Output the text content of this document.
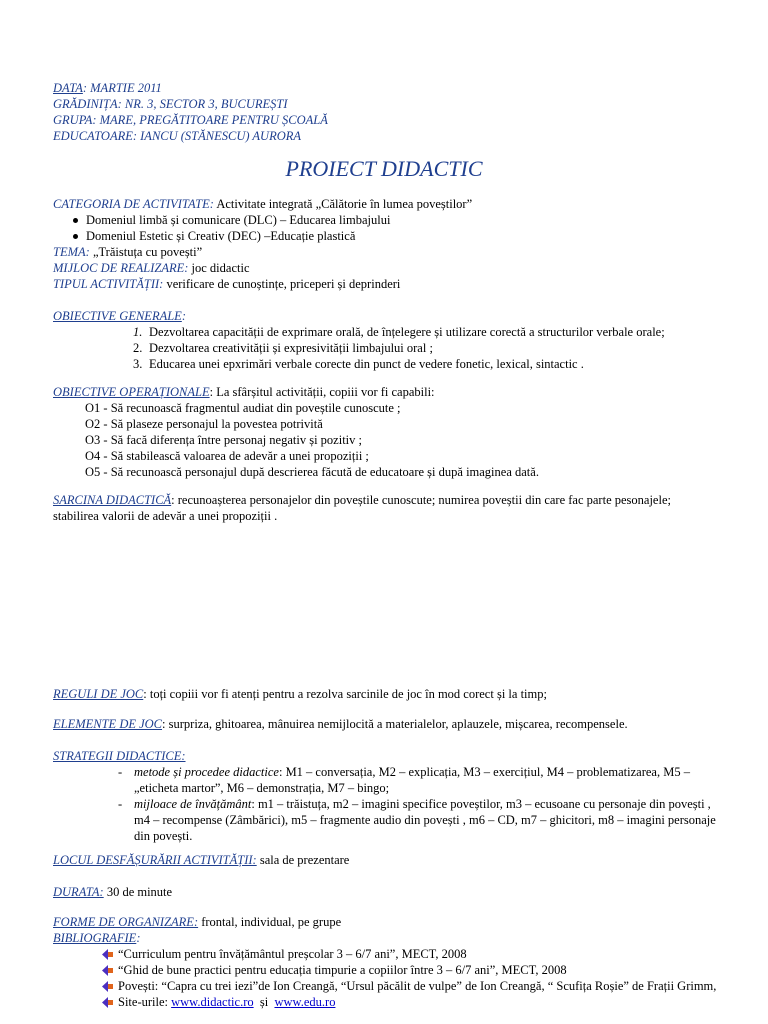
DATA: MARTIE 2011
GRĂDINIȚA: NR. 3, SECTOR 3, BUCUREȘTI
GRUPA: MARE, PREGĂTITOARE PENTRU ȘCOALĂ
EDUCATOARE: IANCU (STĂNESCU) AURORA
PROIECT DIDACTIC
CATEGORIA DE ACTIVITATE: Activitate integrată „Călătorie în lumea poveștilor”
Domeniul limbă și comunicare (DLC) – Educarea limbajului
Domeniul Estetic și Creativ (DEC) –Educație plastică
TEMA: „Trăistuța cu povești”
MIJLOC DE REALIZARE: joc didactic
TIPUL ACTIVITĂȚII: verificare de cunoștințe, priceperi și deprinderi
OBIECTIVE GENERALE:
1. Dezvoltarea capacității de exprimare orală, de înțelegere și utilizare corectă a structurilor verbale orale;
2. Dezvoltarea creativității și expresivității limbajului oral ;
3. Educarea unei epxrimări verbale corecte din punct de vedere fonetic, lexical, sintactic .
OBIECTIVE OPERAȚIONALE: La sfârșitul activității, copiii vor fi capabili:
O1 - Să recunoască fragmentul audiat din poveștile cunoscute ;
O2 - Să plaseze personajul la povestea potrivită
O3 - Să facă diferența între personaj negativ și pozitiv ;
O4 - Să stabilească valoarea de adevăr a unei propoziții ;
O5 - Să recunoască personajul după descrierea făcută de educatoare și după imaginea dată.
SARCINA DIDACTICĂ: recunoașterea personajelor din poveștile cunoscute; numirea poveștii din care fac parte pesonajele;
stabilirea valorii de adevăr a unei propoziții .
REGULI DE JOC: toți copiii vor fi atenți pentru a rezolva sarcinile de joc în mod corect și la timp;
ELEMENTE DE JOC: surpriza, ghitoarea, mânuirea nemijlocită a materialelor, aplauzele, mișcarea, recompensele.
STRATEGII DIDACTICE:
- metode și procedee didactice: M1 – conversația, M2 – explicația, M3 – exercițiul, M4 – problematizarea, M5 –
„eticheta martor”, M6 – demonstrația, M7 – bingo;
- mijloace de învățământ: m1 – trăistuța, m2 – imagini specifice poveștilor, m3 – ecusoane cu personaje din povești ,
m4 – recompense (Zâmbărici), m5 – fragmente audio din povești , m6 – CD, m7 – ghicitori, m8 – imagini personaje
din povești.
LOCUL DESFĂȘURĂRII ACTIVITĂȚII: sala de prezentare
DURATA: 30 de minute
FORME DE ORGANIZARE: frontal, individual, pe grupe
BIBLIOGRAFIE:
“Curriculum pentru învățământul preșcolar 3 – 6/7 ani”, MECT, 2008
“Ghid de bune practici pentru educația timpurie a copiilor între 3 – 6/7 ani”, MECT, 2008
Povești: “Capra cu trei iezi”de Ion Creangă, “Ursul păcălit de vulpe” de Ion Creangă, “ Scufița Roșie” de Frații Grimm,
Site-urile: www.didactic.ro  și  www.edu.ro
